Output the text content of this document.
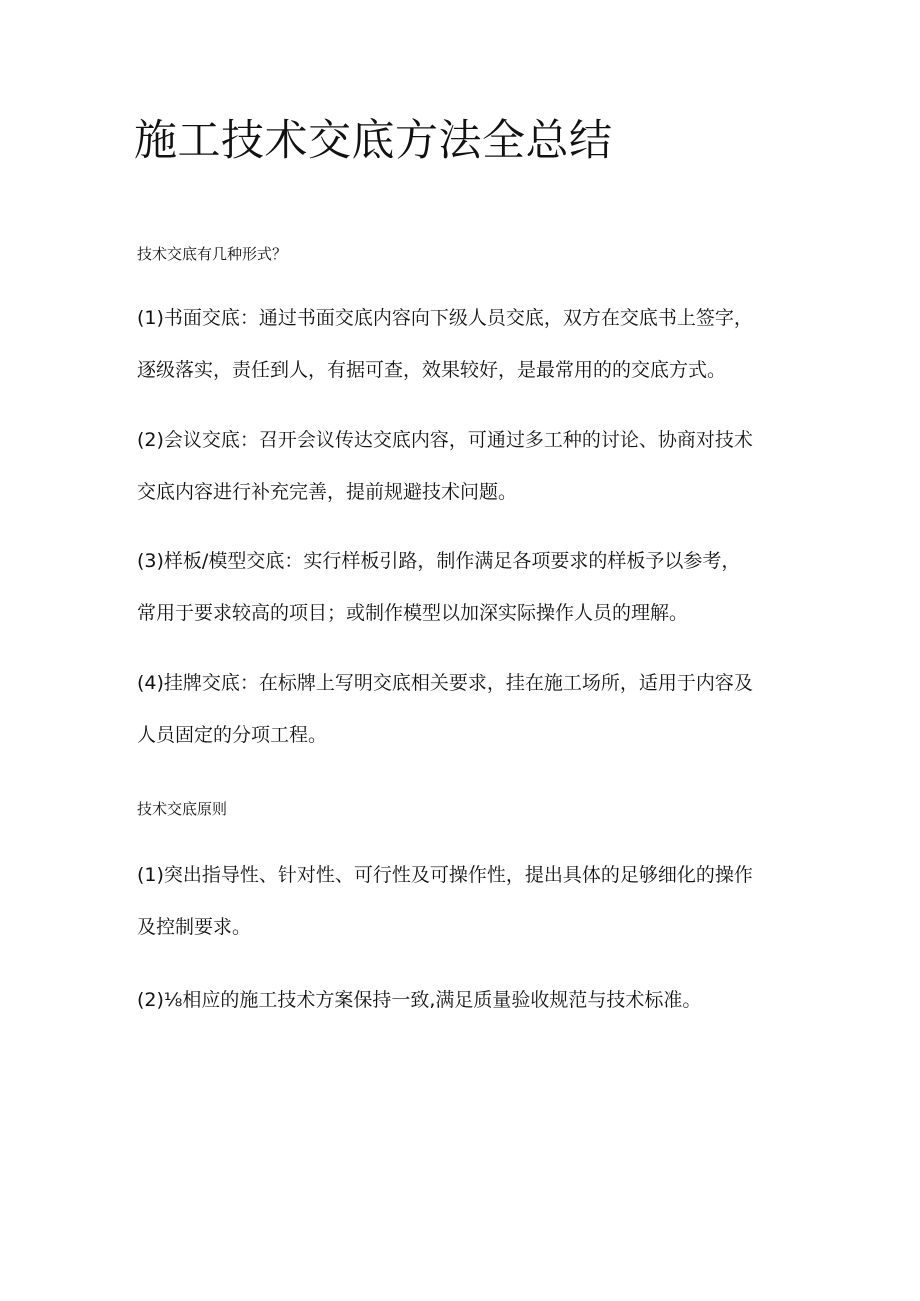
施工技术交底方法全总结

技术交底有几种形式？

(1)书面交底：通过书面交底内容向下级人员交底，双方在交底书上签字，
逐级落实，责任到人，有据可查，效果较好，是最常用的的交底方式。
(2)会议交底：召开会议传达交底内容，可通过多工种的讨论、协商对技术
交底内容进行补充完善，提前规避技术问题。
(3)样板/模型交底：实行样板引路，制作满足各项要求的样板予以参考，
常用于要求较高的项目；或制作模型以加深实际操作人员的理解。
(4)挂牌交底：在标牌上写明交底相关要求，挂在施工场所，适用于内容及
人员固定的分项工程。

技术交底原则

(1)突出指导性、针对性、可行性及可操作性，提出具体的足够细化的操作
及控制要求。
(2)⅛相应的施工技术方案保持一致,满足质量验收规范与技术标准。
